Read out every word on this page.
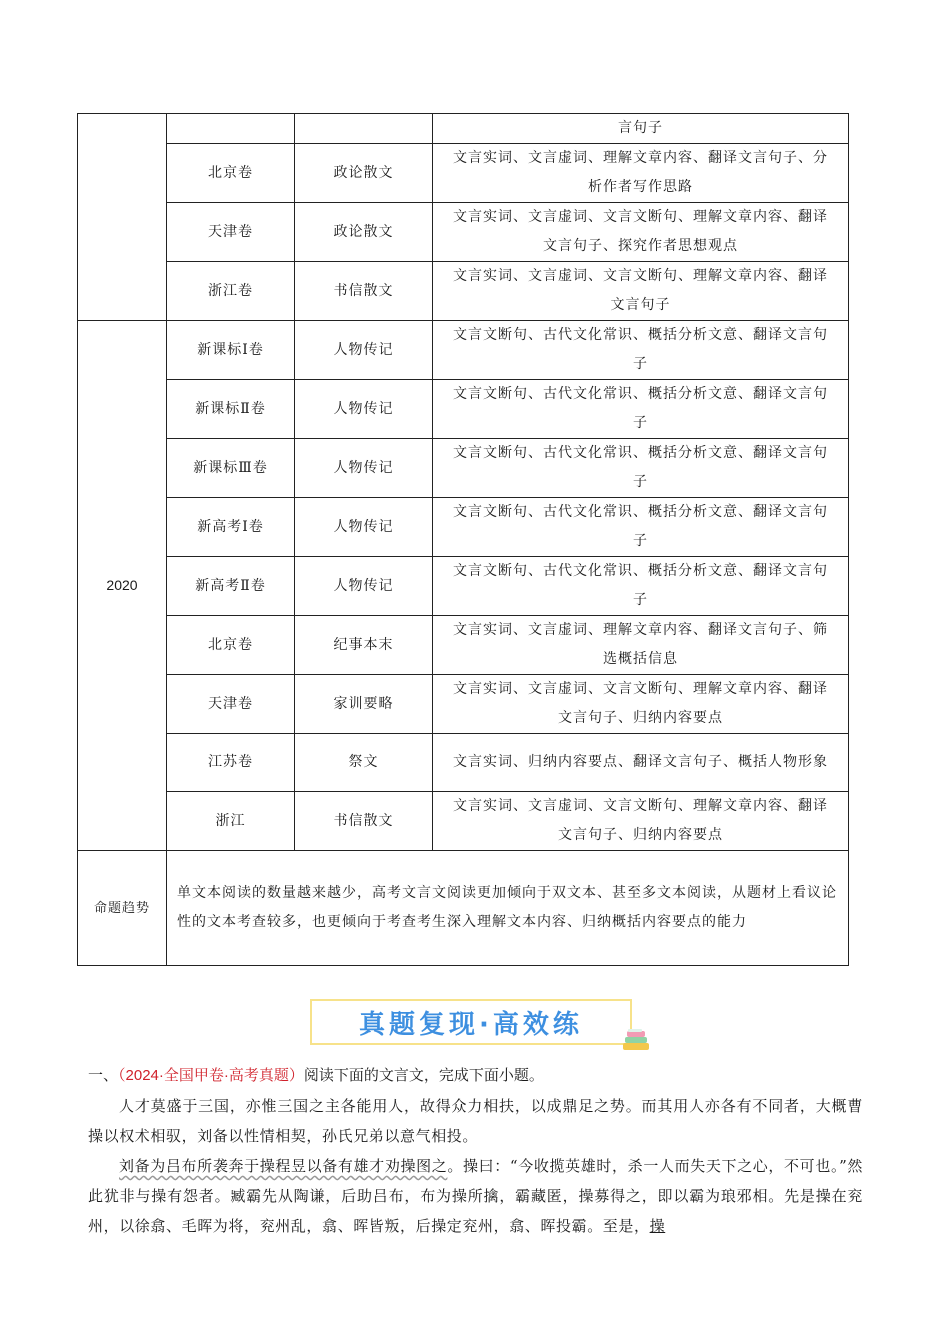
			言句子
	北京卷	政论散文	文言实词、文言虚词、理解文章内容、翻译文言句子、分析作者写作思路
	天津卷	政论散文	文言实词、文言虚词、文言文断句、理解文章内容、翻译文言句子、探究作者思想观点
	浙江卷	书信散文	文言实词、文言虚词、文言文断句、理解文章内容、翻译文言句子
2020	新课标Ⅰ卷	人物传记	文言文断句、古代文化常识、概括分析文意、翻译文言句子
	新课标Ⅱ卷	人物传记	文言文断句、古代文化常识、概括分析文意、翻译文言句子
	新课标Ⅲ卷	人物传记	文言文断句、古代文化常识、概括分析文意、翻译文言句子
	新高考Ⅰ卷	人物传记	文言文断句、古代文化常识、概括分析文意、翻译文言句子
	新高考Ⅱ卷	人物传记	文言文断句、古代文化常识、概括分析文意、翻译文言句子
	北京卷	纪事本末	文言实词、文言虚词、理解文章内容、翻译文言句子、筛选概括信息
	天津卷	家训要略	文言实词、文言虚词、文言文断句、理解文章内容、翻译文言句子、归纳内容要点
	江苏卷	祭文	文言实词、归纳内容要点、翻译文言句子、概括人物形象
	浙江	书信散文	文言实词、文言虚词、文言文断句、理解文章内容、翻译文言句子、归纳内容要点
命题趋势	单文本阅读的数量越来越少，高考文言文阅读更加倾向于双文本、甚至多文本阅读，从题材上看议论性的文本考查较多，也更倾向于考查考生深入理解文本内容、归纳概括内容要点的能力		
真题复现·高效练
一、（2024·全国甲卷·高考真题）阅读下面的文言文，完成下面小题。
人才莫盛于三国，亦惟三国之主各能用人，故得众力相扶，以成鼎足之势。而其用人亦各有不同者，大概曹操以权术相驭，刘备以性情相契，孙氏兄弟以意气相投。
刘备为吕布所袭奔于操程昱以备有雄才劝操图之。操曰：“今收揽英雄时，杀一人而失天下之心，不可也。”然此犹非与操有怨者。臧霸先从陶谦，后助吕布，布为操所擒，霸藏匿，操募得之，即以霸为琅邪相。先是操在兖州，以徐翕、毛晖为将，兖州乱，翕、晖皆叛，后操定兖州，翕、晖投霸。至是，操
